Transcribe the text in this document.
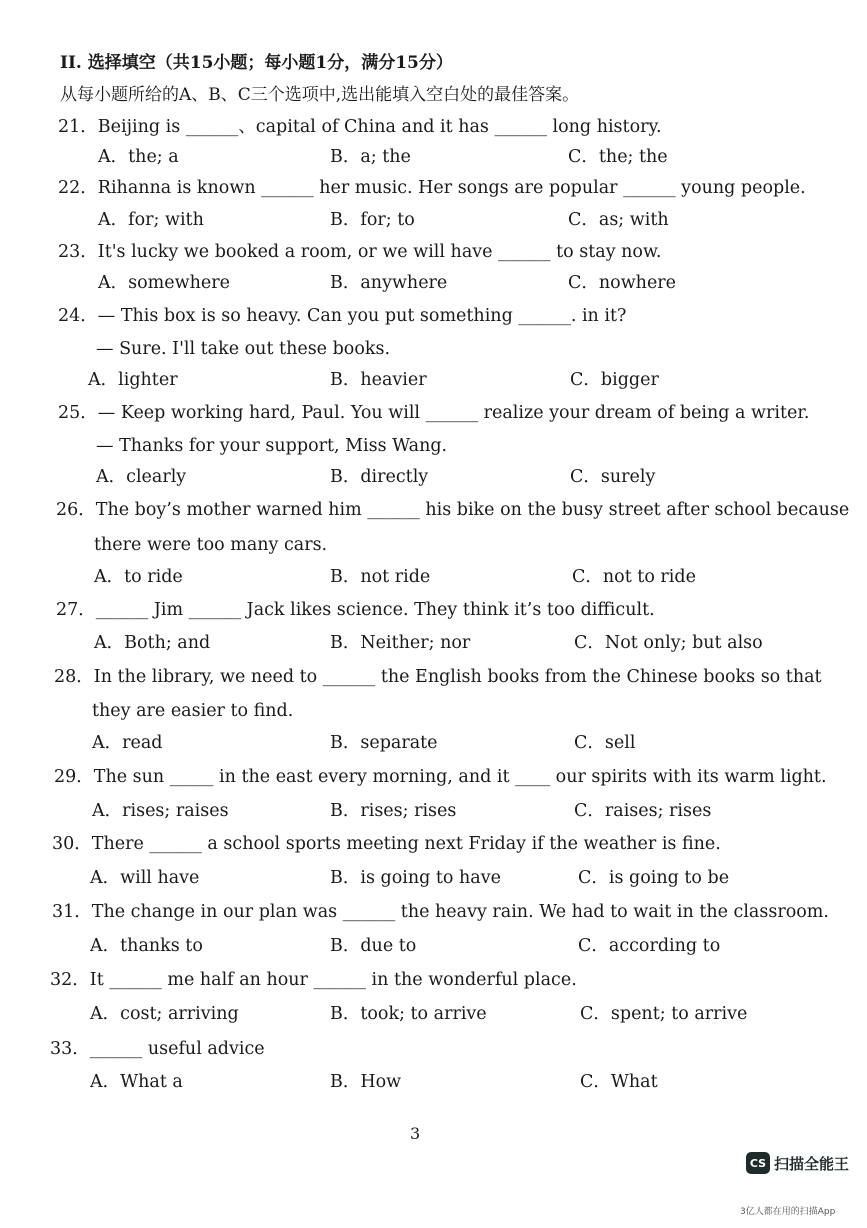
II. 选择填空（共15小题；每小题1分，满分15分）
从每小题所给的A、B、C三个选项中,选出能填入空白处的最佳答案。
21．Beijing is ______、capital of China and it has ______ long history.
A．the; a	B．a; the	C．the; the
22．Rihanna is known ______ her music. Her songs are popular ______ young people.
A．for; with	B．for; to	C．as; with
23．It's lucky we booked a room, or we will have ______ to stay now.
A．somewhere	B．anywhere	C．nowhere
24．— This box is so heavy. Can you put something ______. in it?
— Sure. I'll take out these books.
A．lighter	B．heavier	C．bigger
25．— Keep working hard, Paul. You will ______ realize your dream of being a writer.
— Thanks for your support, Miss Wang.
A．clearly	B．directly	C．surely
26．The boy’s mother warned him ______ his bike on the busy street after school because
there were too many cars.
A．to ride	B．not ride	C．not to ride
27．______ Jim ______ Jack likes science. They think it’s too difficult.
A．Both; and	B．Neither; nor	C．Not only; but also
28．In the library, we need to ______ the English books from the Chinese books so that
they are easier to find.
A．read	B．separate	C．sell
29．The sun _____ in the east every morning, and it ____ our spirits with its warm light.
A．rises; raises	B．rises; rises	C．raises; rises
30．There ______ a school sports meeting next Friday if the weather is fine.
A．will have	B．is going to have	C．is going to be
31．The change in our plan was ______ the heavy rain. We had to wait in the classroom.
A．thanks to	B．due to	C．according to
32．It ______ me half an hour ______ in the wonderful place.
A．cost; arriving	B．took; to arrive	C．spent; to arrive
33．______ useful advice
A．What a	B．How	C．What
3
CS 扫描全能王
3亿人都在用的扫描App
